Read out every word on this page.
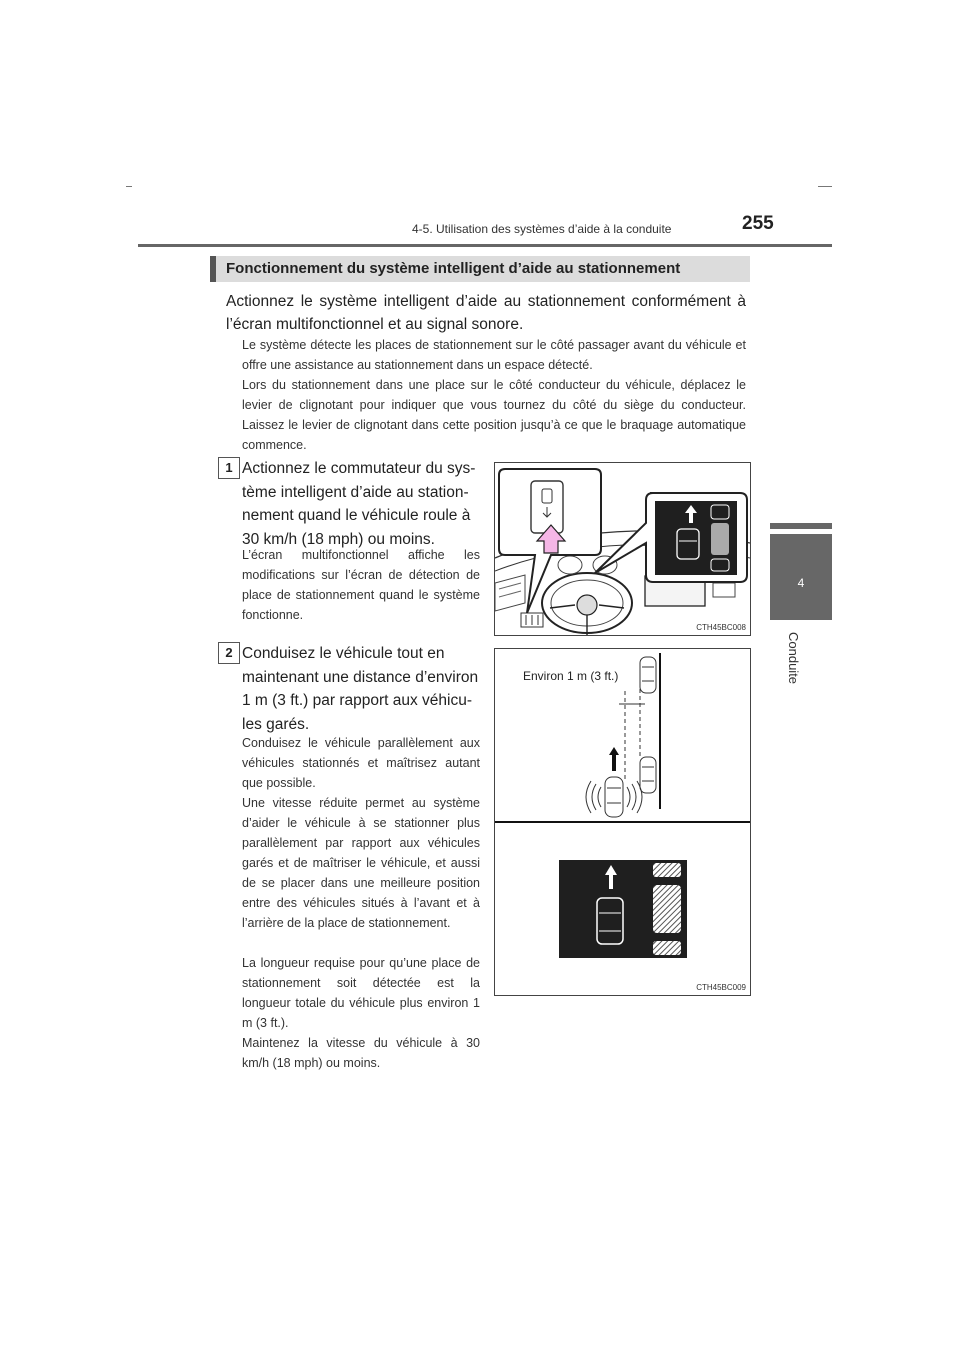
4-5. Utilisation des systèmes d’aide à la conduite	255
4
Conduite
Fonctionnement du système intelligent d’aide au stationnement
Actionnez le système intelligent d’aide au stationnement conformément à l’écran multifonctionnel et au signal sonore.
Le système détecte les places de stationnement sur le côté passager avant du véhicule et offre une assistance au stationnement dans un espace détecté.
Lors du stationnement dans une place sur le côté conducteur du véhicule, déplacez le levier de clignotant pour indiquer que vous tournez du côté du siège du conducteur. Laissez le levier de clignotant dans cette position jusqu’à ce que le braquage automatique commence.
1 Actionnez le commutateur du sys-
tème intelligent d’aide au station-
nement quand le véhicule roule à
30 km/h (18 mph) ou moins.
L’écran multifonctionnel affiche les modifications sur l’écran de détection de place de stationnement quand le système fonctionne.
CTH45BC008
2 Conduisez le véhicule tout en
maintenant une distance d’environ
1 m (3 ft.) par rapport aux véhicu-
les garés.
Conduisez le véhicule parallèlement aux véhicules stationnés et maîtrisez autant que possible.
Une vitesse réduite permet au système d’aider le véhicule à se stationner plus parallèlement par rapport aux véhicules garés et de maîtriser le véhicule, et aussi de se placer dans une meilleure position entre des véhicules situés à l’avant et à l’arrière de la place de stationnement.
La longueur requise pour qu’une place de stationnement soit détectée est la longueur totale du véhicule plus environ 1 m (3 ft.).
Maintenez la vitesse du véhicule à 30 km/h (18 mph) ou moins.
Environ 1 m (3 ft.)
CTH45BC009
